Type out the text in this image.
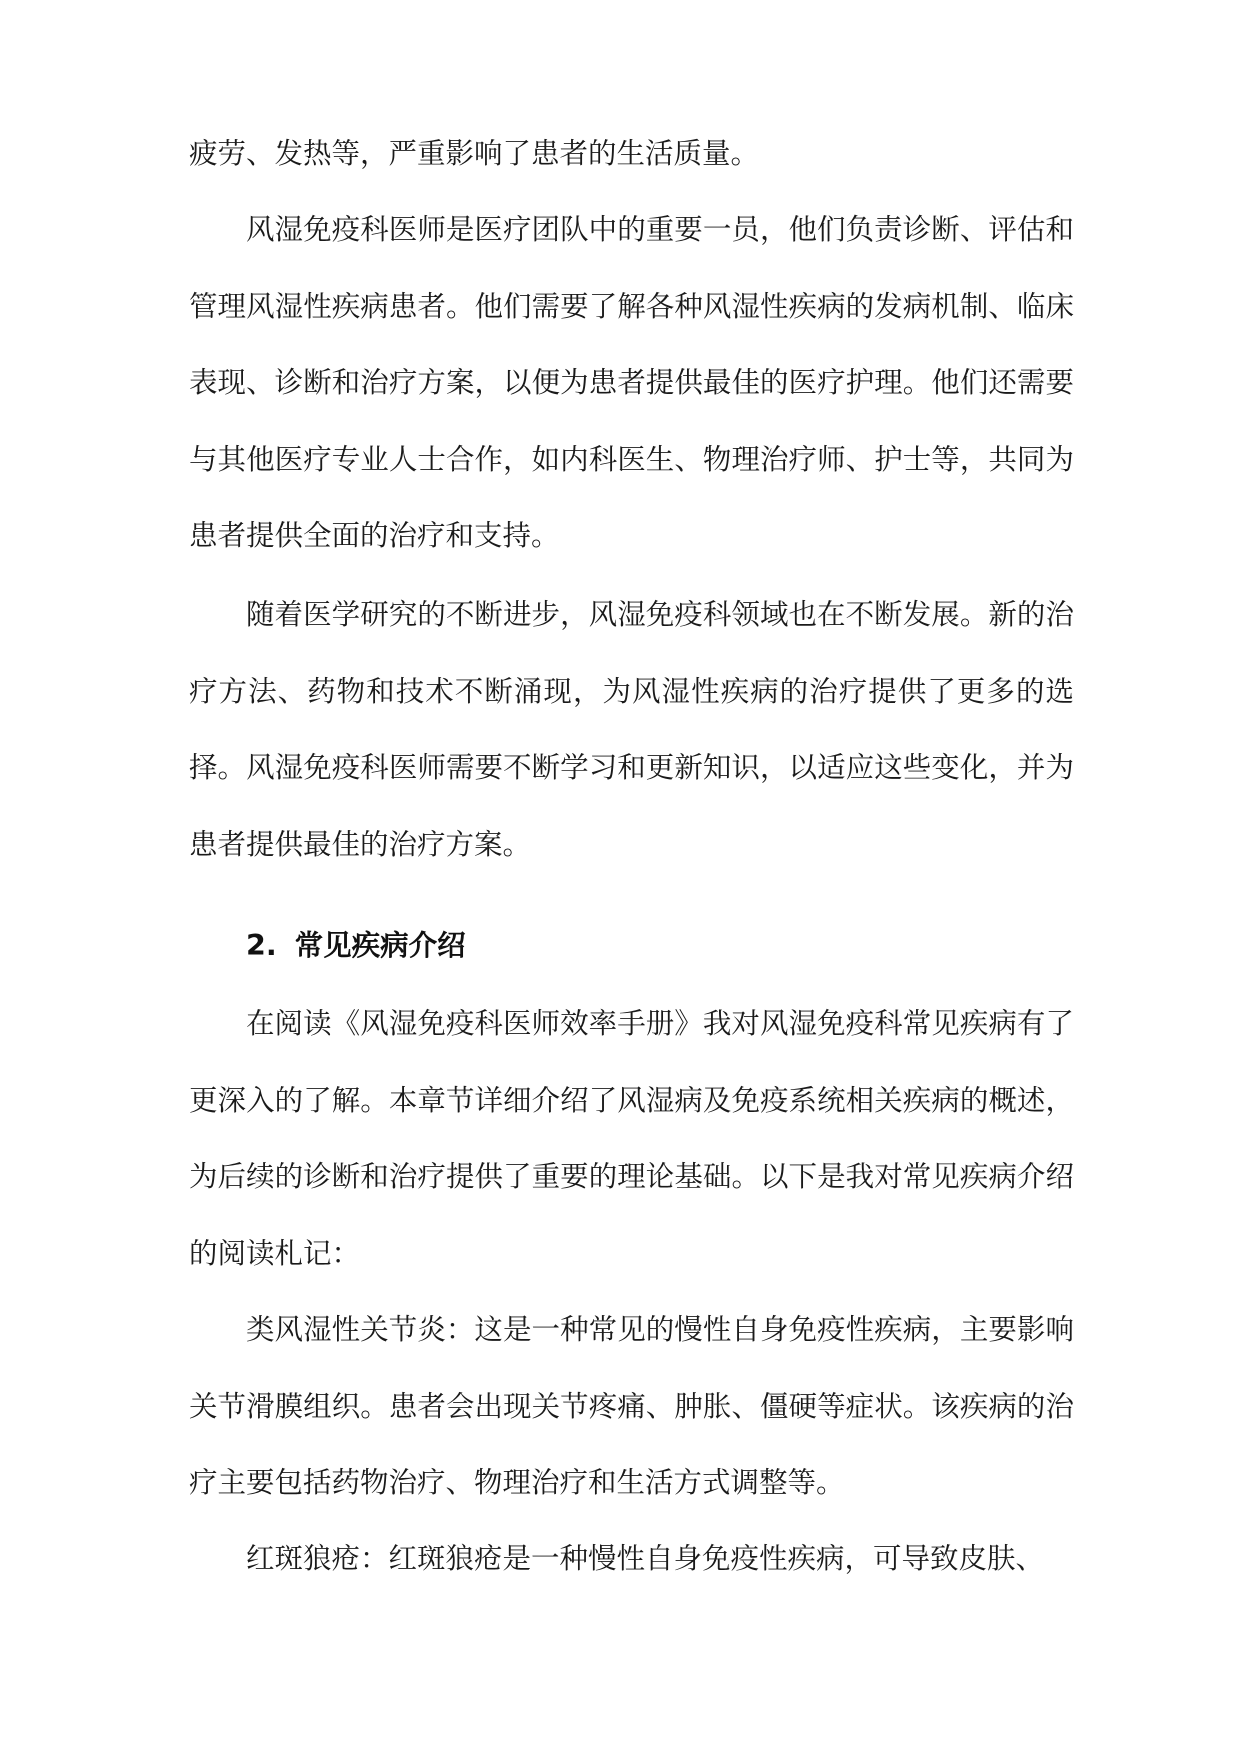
疲劳、发热等，严重影响了患者的生活质量。

风湿免疫科医师是医疗团队中的重要一员，他们负责诊断、评估和管理风湿性疾病患者。他们需要了解各种风湿性疾病的发病机制、临床表现、诊断和治疗方案，以便为患者提供最佳的医疗护理。他们还需要与其他医疗专业人士合作，如内科医生、物理治疗师、护士等，共同为患者提供全面的治疗和支持。

随着医学研究的不断进步，风湿免疫科领域也在不断发展。新的治疗方法、药物和技术不断涌现，为风湿性疾病的治疗提供了更多的选择。风湿免疫科医师需要不断学习和更新知识，以适应这些变化，并为患者提供最佳的治疗方案。

2. 常见疾病介绍

在阅读《风湿免疫科医师效率手册》我对风湿免疫科常见疾病有了更深入的了解。本章节详细介绍了风湿病及免疫系统相关疾病的概述，为后续的诊断和治疗提供了重要的理论基础。以下是我对常见疾病介绍的阅读札记：

类风湿性关节炎：这是一种常见的慢性自身免疫性疾病，主要影响关节滑膜组织。患者会出现关节疼痛、肿胀、僵硬等症状。该疾病的治疗主要包括药物治疗、物理治疗和生活方式调整等。

红斑狼疮：红斑狼疮是一种慢性自身免疫性疾病，可导致皮肤、
